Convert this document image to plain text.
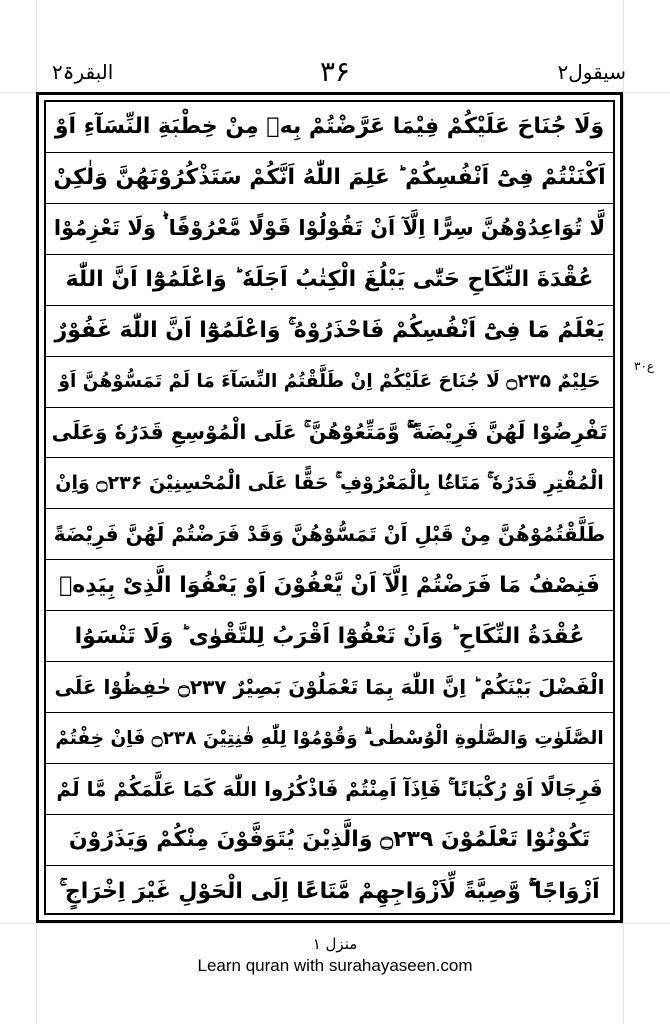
سیقول۲
۳۶
البقرۃ۲
وَلَا جُنَاحَ عَلَیْکُمْ فِیْمَا عَرَّضْتُمْ بِهٖ مِنْ خِطْبَةِ النِّسَآءِ اَوْ
اَکْنَنْتُمْ فِیْٓ اَنْفُسِکُمْ ؕ عَلِمَ اللّٰهُ اَنَّکُمْ سَتَذْکُرُوْنَهُنَّ وَلٰکِنْ
لَّا تُوَاعِدُوْهُنَّ سِرًّا اِلَّآ اَنْ تَقُوْلُوْا قَوْلًا مَّعْرُوْفًا ۬ؕ وَلَا تَعْزِمُوْا
عُقْدَةَ النِّکَاحِ حَتّٰی یَبْلُغَ الْکِتٰبُ اَجَلَهٗ ؕ وَاعْلَمُوْٓا اَنَّ اللّٰهَ
یَعْلَمُ مَا فِیْٓ اَنْفُسِکُمْ فَاحْذَرُوْهُ ۚ وَاعْلَمُوْٓا اَنَّ اللّٰهَ غَفُوْرٌ
حَلِیْمٌ ۝۲۳۵ لَا جُنَاحَ عَلَیْکُمْ اِنْ طَلَّقْتُمُ النِّسَآءَ مَا لَمْ تَمَسُّوْهُنَّ اَوْ
تَفْرِضُوْا لَهُنَّ فَرِیْضَةً ۖۚ وَّمَتِّعُوْهُنَّ ۚ عَلَی الْمُوْسِعِ قَدَرُهٗ وَعَلَی
الْمُقْتِرِ قَدَرُهٗ ۚ مَتَاعًۢا بِالْمَعْرُوْفِ ۚ حَقًّا عَلَی الْمُحْسِنِیْنَ ۝۲۳۶ وَاِنْ
طَلَّقْتُمُوْهُنَّ مِنْ قَبْلِ اَنْ تَمَسُّوْهُنَّ وَقَدْ فَرَضْتُمْ لَهُنَّ فَرِیْضَةً
فَنِصْفُ مَا فَرَضْتُمْ اِلَّآ اَنْ یَّعْفُوْنَ اَوْ یَعْفُوَا الَّذِیْ بِیَدِهٖ
عُقْدَةُ النِّکَاحِ ؕ وَاَنْ تَعْفُوْٓا اَقْرَبُ لِلتَّقْوٰی ؕ وَلَا تَنْسَوُا
الْفَضْلَ بَیْنَکُمْ ؕ اِنَّ اللّٰهَ بِمَا تَعْمَلُوْنَ بَصِیْرٌ ۝۲۳۷ حٰفِظُوْا عَلَی
الصَّلَوٰتِ وَالصَّلٰوةِ الْوُسْطٰی ۗ وَقُوْمُوْا لِلّٰهِ قٰنِتِیْنَ ۝۲۳۸ فَاِنْ خِفْتُمْ
فَرِجَالًا اَوْ رُکْبَانًا ۚ فَاِذَآ اَمِنْتُمْ فَاذْکُرُوا اللّٰهَ کَمَا عَلَّمَکُمْ مَّا لَمْ
تَکُوْنُوْا تَعْلَمُوْنَ ۝۲۳۹ وَالَّذِیْنَ یُتَوَفَّوْنَ مِنْکُمْ وَیَذَرُوْنَ
اَزْوَاجًا ۚۖ وَّصِیَّةً لِّاَزْوَاجِهِمْ مَّتَاعًا اِلَی الْحَوْلِ غَیْرَ اِخْرَاجٍ ۚ
ع۳۰
منزل ۱
Learn quran with surahayaseen.com
